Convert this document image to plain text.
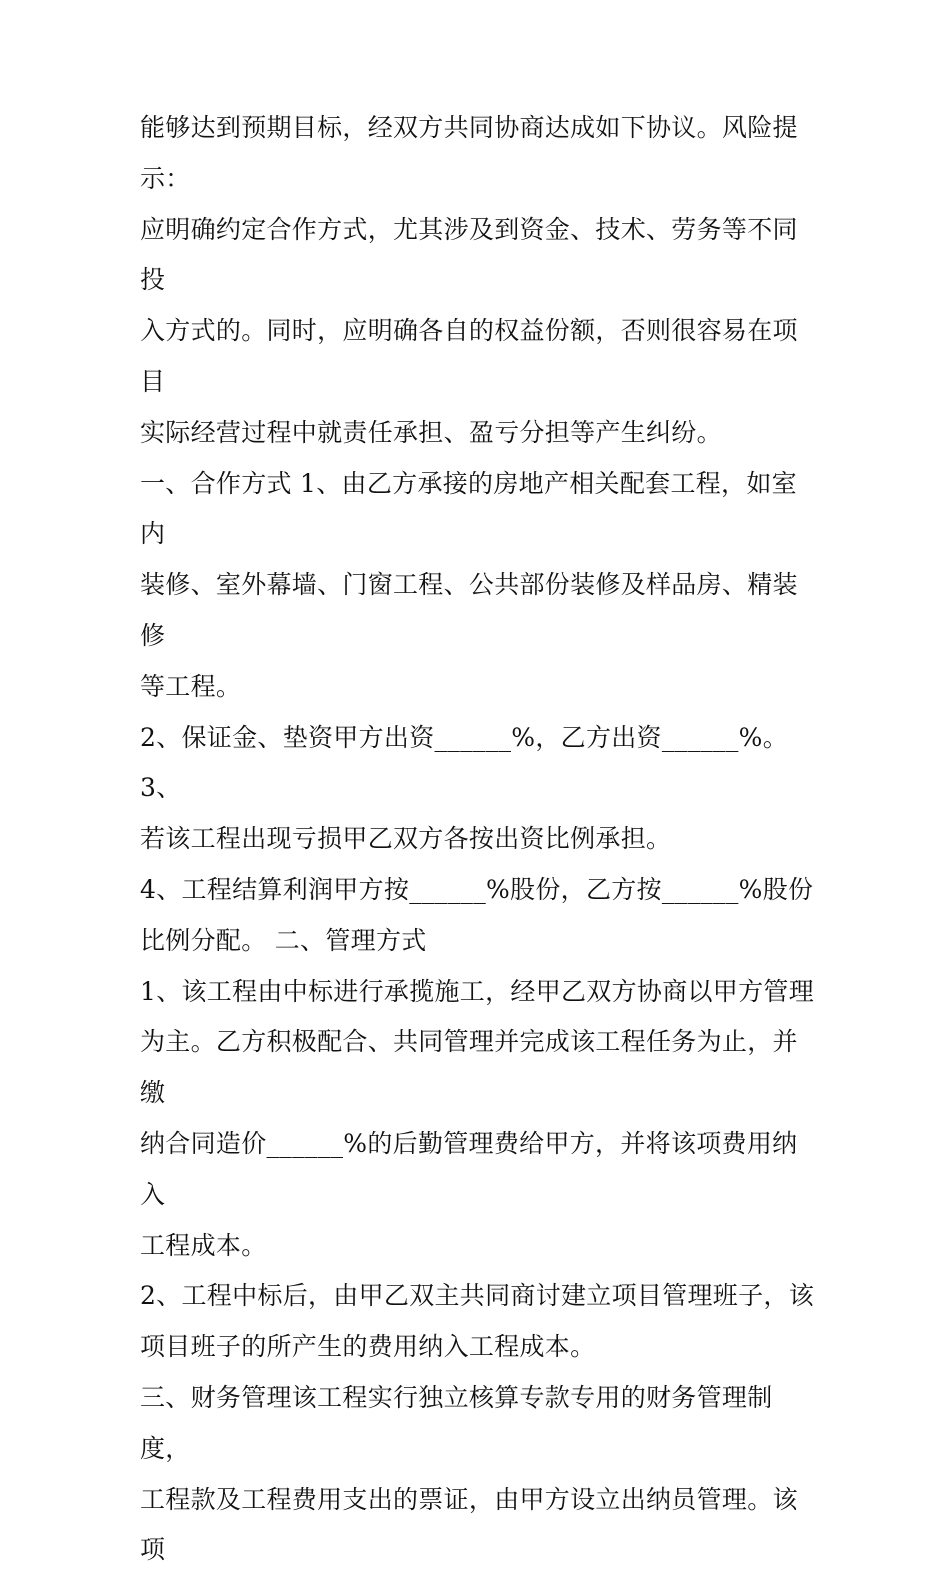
能够达到预期目标，经双方共同协商达成如下协议。风险提

示：

应明确约定合作方式，尤其涉及到资金、技术、劳务等不同投

入方式的。同时，应明确各自的权益份额，否则很容易在项目

实际经营过程中就责任承担、盈亏分担等产生纠纷。

一、合作方式 1、由乙方承接的房地产相关配套工程，如室内

装修、室外幕墙、门窗工程、公共部份装修及样品房、精装修

等工程。

2、保证金、垫资甲方出资______%，乙方出资______%。 3、

若该工程出现亏损甲乙双方各按出资比例承担。

4、工程结算利润甲方按______%股份，乙方按______%股份

比例分配。 二、管理方式

1、该工程由中标进行承揽施工，经甲乙双方协商以甲方管理

为主。乙方积极配合、共同管理并完成该工程任务为止，并缴

纳合同造价______%的后勤管理费给甲方，并将该项费用纳入

工程成本。

2、工程中标后，由甲乙双主共同商讨建立项目管理班子，该

项目班子的所产生的费用纳入工程成本。

三、财务管理该工程实行独立核算专款专用的财务管理制度，

工程款及工程费用支出的票证，由甲方设立出纳员管理。该项
